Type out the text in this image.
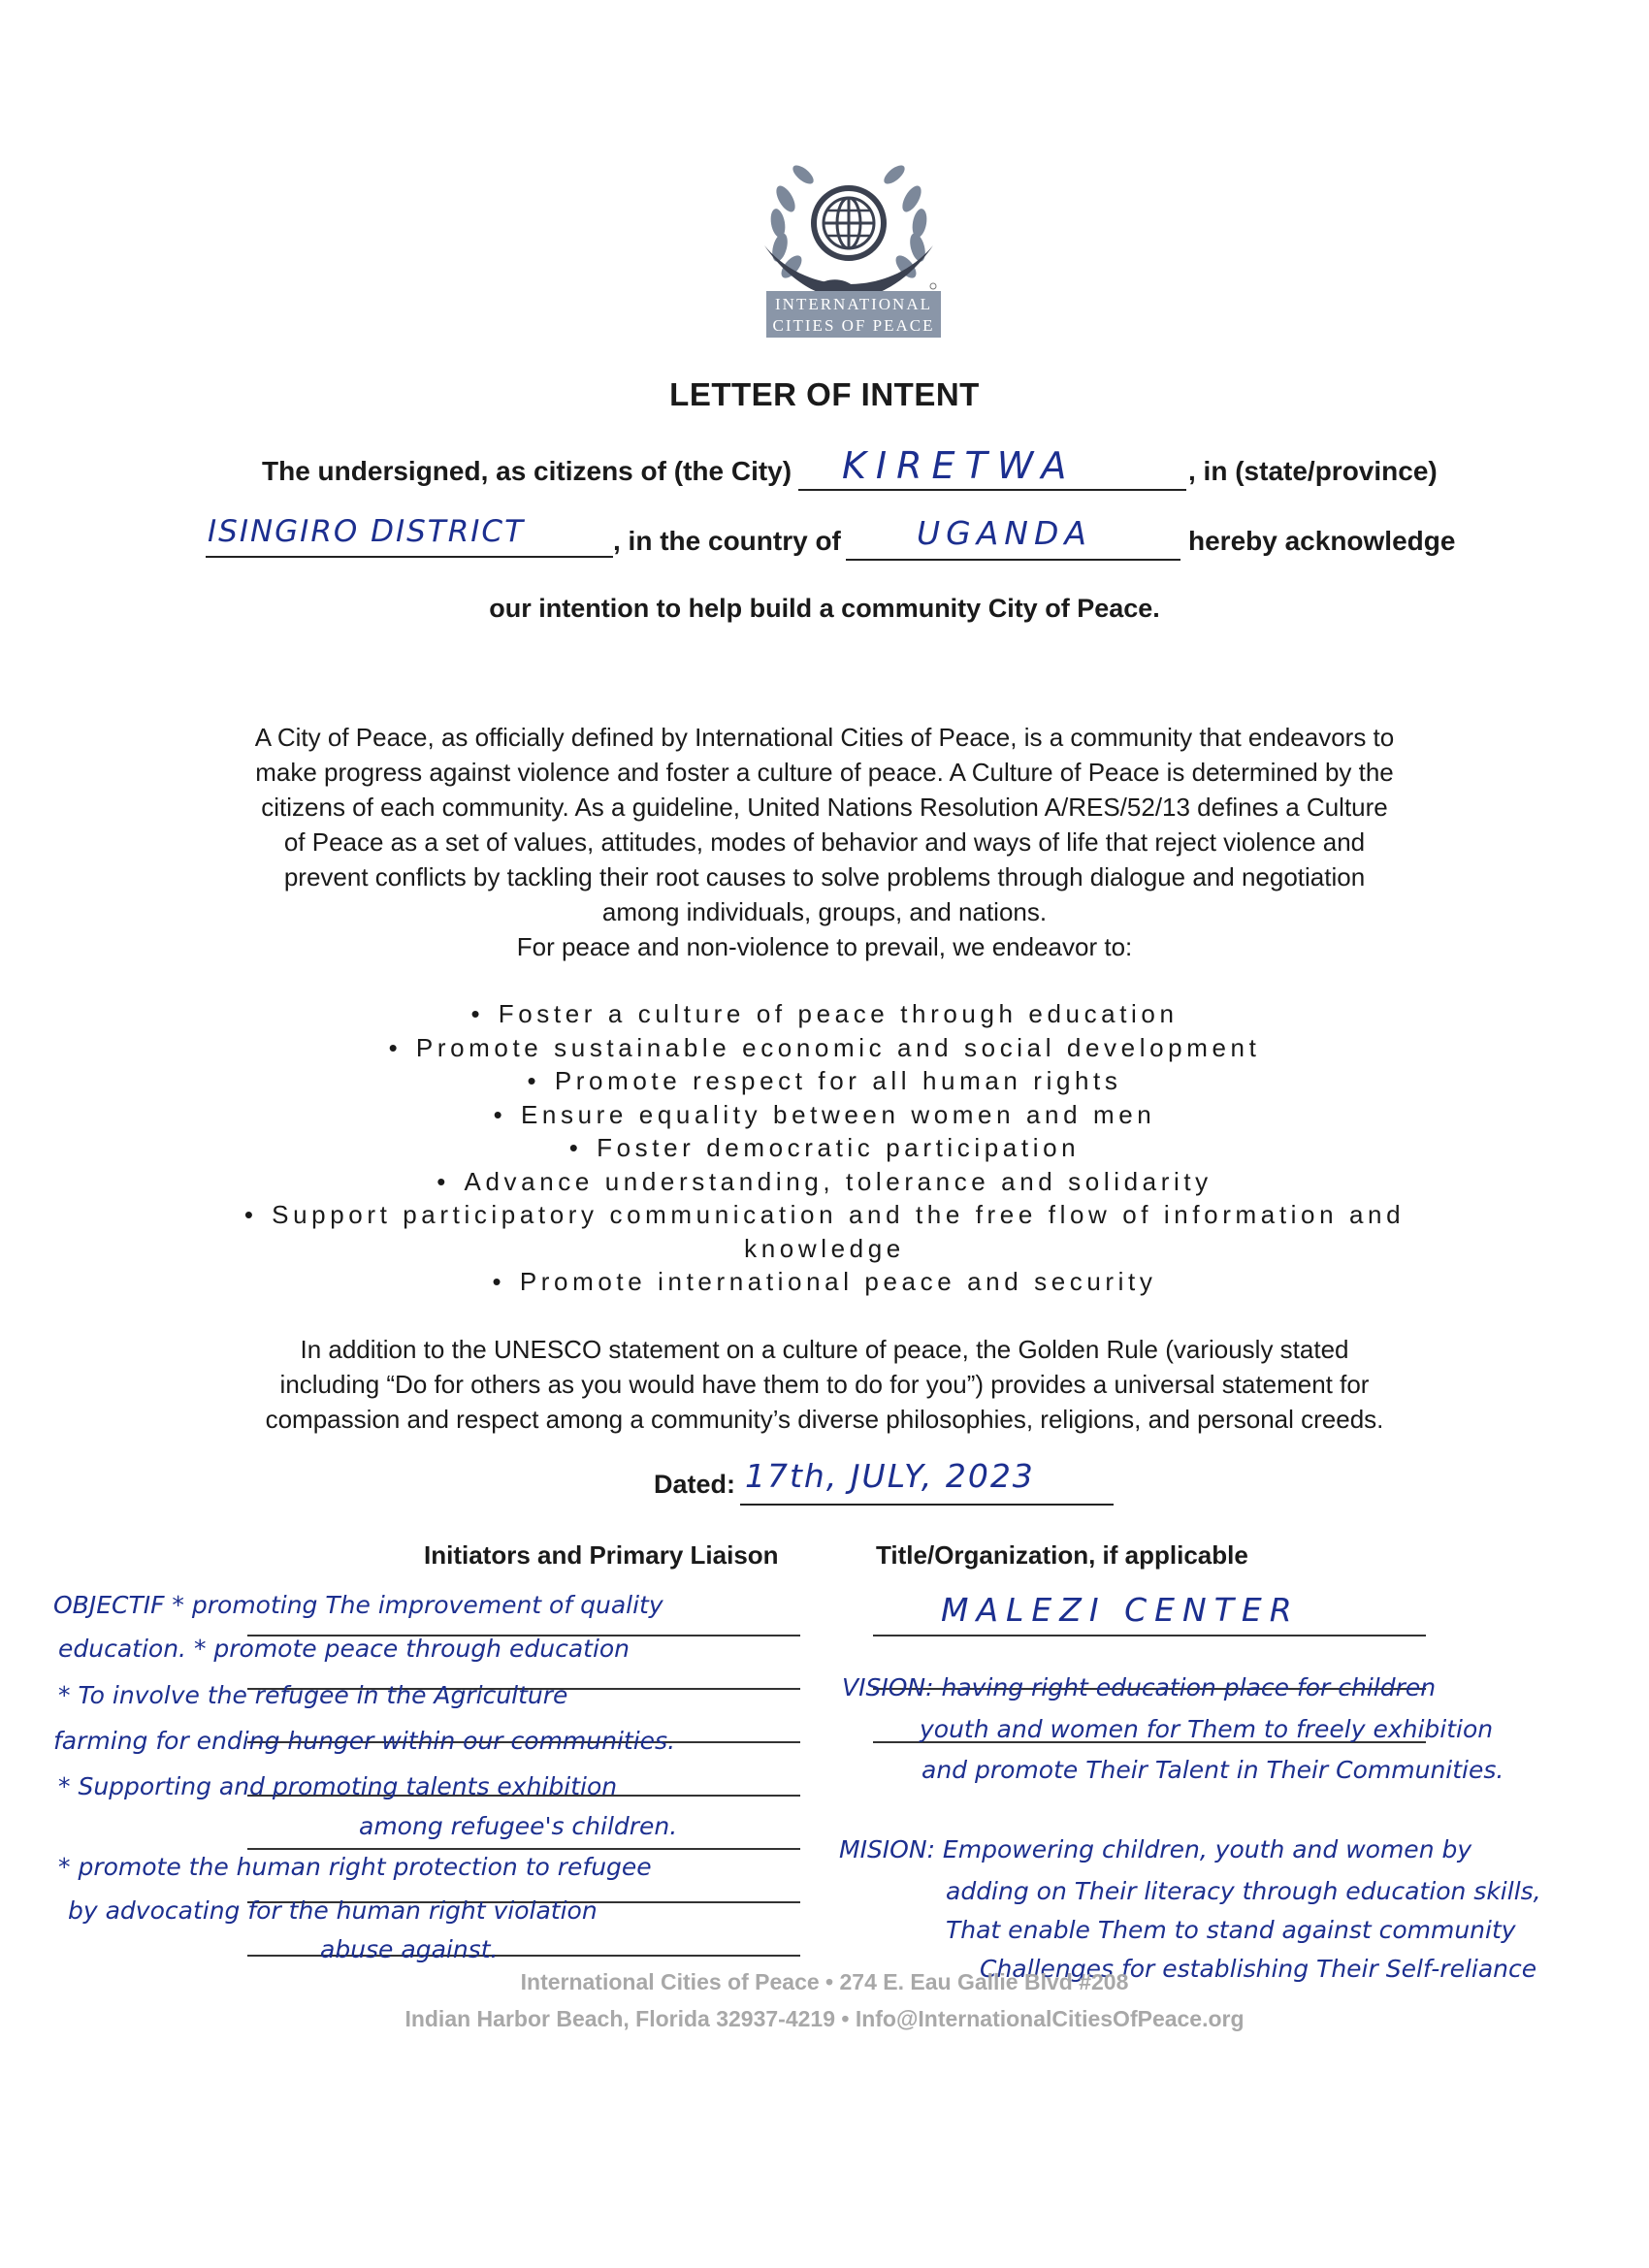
INTERNATIONAL
CITIES OF PEACE
LETTER OF INTENT
The undersigned, as citizens of (the City) KIRETWA	, in (state/province)
ISINGIRO DISTRICT	, in the country of UGANDA	hereby acknowledge
our intention to help build a community City of Peace.
A City of Peace, as officially defined by International Cities of Peace, is a community that endeavors to make progress against violence and foster a culture of peace. A Culture of Peace is determined by the citizens of each community. As a guideline, United Nations Resolution A/RES/52/13 defines a Culture of Peace as a set of values, attitudes, modes of behavior and ways of life that reject violence and prevent conflicts by tackling their root causes to solve problems through dialogue and negotiation among individuals, groups, and nations.
For peace and non-violence to prevail, we endeavor to:
• Foster a culture of peace through education
• Promote sustainable economic and social development
• Promote respect for all human rights
• Ensure equality between women and men
• Foster democratic participation
• Advance understanding, tolerance and solidarity
• Support participatory communication and the free flow of information and knowledge
• Promote international peace and security
In addition to the UNESCO statement on a culture of peace, the Golden Rule (variously stated including “Do for others as you would have them to do for you”) provides a universal statement for compassion and respect among a community’s diverse philosophies, religions, and personal creeds.
Dated: 17th, JULY, 2023
Initiators and Primary Liaison	Title/Organization, if applicable
OBJECTIF * promoting The improvement of quality
education. * promote peace through education
* To involve the refugee in the Agriculture
farming for ending hunger within our communities.
* Supporting and promoting talents exhibition
among refugee's children.
* promote the human right protection to refugee
by advocating for the human right violation
abuse against.
MALEZI CENTER
VISION: having right education place for children
youth and women for Them to freely exhibition
and promote Their Talent in Their Communities.
MISION: Empowering children, youth and women by
adding on Their literacy through education skills,
That enable Them to stand against community
Challenges for establishing Their Self-reliance
International Cities of Peace • 274 E. Eau Gallie Blvd #208
Indian Harbor Beach, Florida 32937-4219 • Info@InternationalCitiesOfPeace.org
